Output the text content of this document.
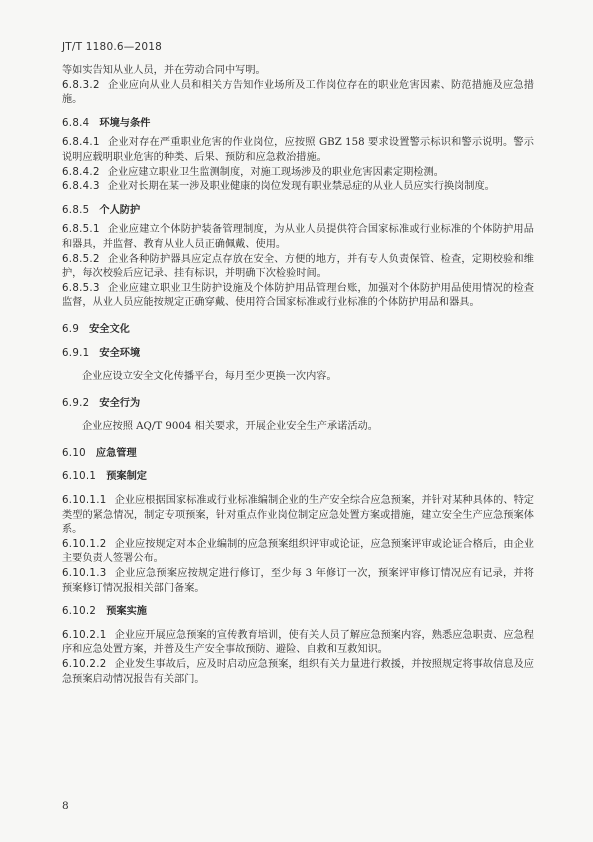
JT/T 1180.6—2018

等如实告知从业人员，并在劳动合同中写明。

6.8.3.2 企业应向从业人员和相关方告知作业场所及工作岗位存在的职业危害因素、防范措施及应急措施。

6.8.4 环境与条件

6.8.4.1 企业对存在严重职业危害的作业岗位，应按照 GBZ 158 要求设置警示标识和警示说明。警示说明应载明职业危害的种类、后果、预防和应急救治措施。

6.8.4.2 企业应建立职业卫生监测制度，对施工现场涉及的职业危害因素定期检测。

6.8.4.3 企业对长期在某一涉及职业健康的岗位发现有职业禁忌症的从业人员应实行换岗制度。

6.8.5 个人防护

6.8.5.1 企业应建立个体防护装备管理制度，为从业人员提供符合国家标准或行业标准的个体防护用品和器具，并监督、教育从业人员正确佩戴、使用。

6.8.5.2 企业各种防护器具应定点存放在安全、方便的地方，并有专人负责保管、检查，定期校验和维护，每次校验后应记录、挂有标识，并明确下次检验时间。

6.8.5.3 企业应建立职业卫生防护设施及个体防护用品管理台账，加强对个体防护用品使用情况的检查监督，从业人员应能按规定正确穿戴、使用符合国家标准或行业标准的个体防护用品和器具。

6.9 安全文化

6.9.1 安全环境

企业应设立安全文化传播平台，每月至少更换一次内容。

6.9.2 安全行为

企业应按照 AQ/T 9004 相关要求，开展企业安全生产承诺活动。

6.10 应急管理

6.10.1 预案制定

6.10.1.1 企业应根据国家标准或行业标准编制企业的生产安全综合应急预案，并针对某种具体的、特定类型的紧急情况，制定专项预案，针对重点作业岗位制定应急处置方案或措施，建立安全生产应急预案体系。

6.10.1.2 企业应按规定对本企业编制的应急预案组织评审或论证，应急预案评审或论证合格后，由企业主要负责人签署公布。

6.10.1.3 企业应急预案应按规定进行修订，至少每 3 年修订一次，预案评审修订情况应有记录，并将预案修订情况报相关部门备案。

6.10.2 预案实施

6.10.2.1 企业应开展应急预案的宣传教育培训，使有关人员了解应急预案内容，熟悉应急职责、应急程序和应急处置方案，并普及生产安全事故预防、避险、自救和互救知识。

6.10.2.2 企业发生事故后，应及时启动应急预案，组织有关力量进行救援，并按照规定将事故信息及应急预案启动情况报告有关部门。

8
